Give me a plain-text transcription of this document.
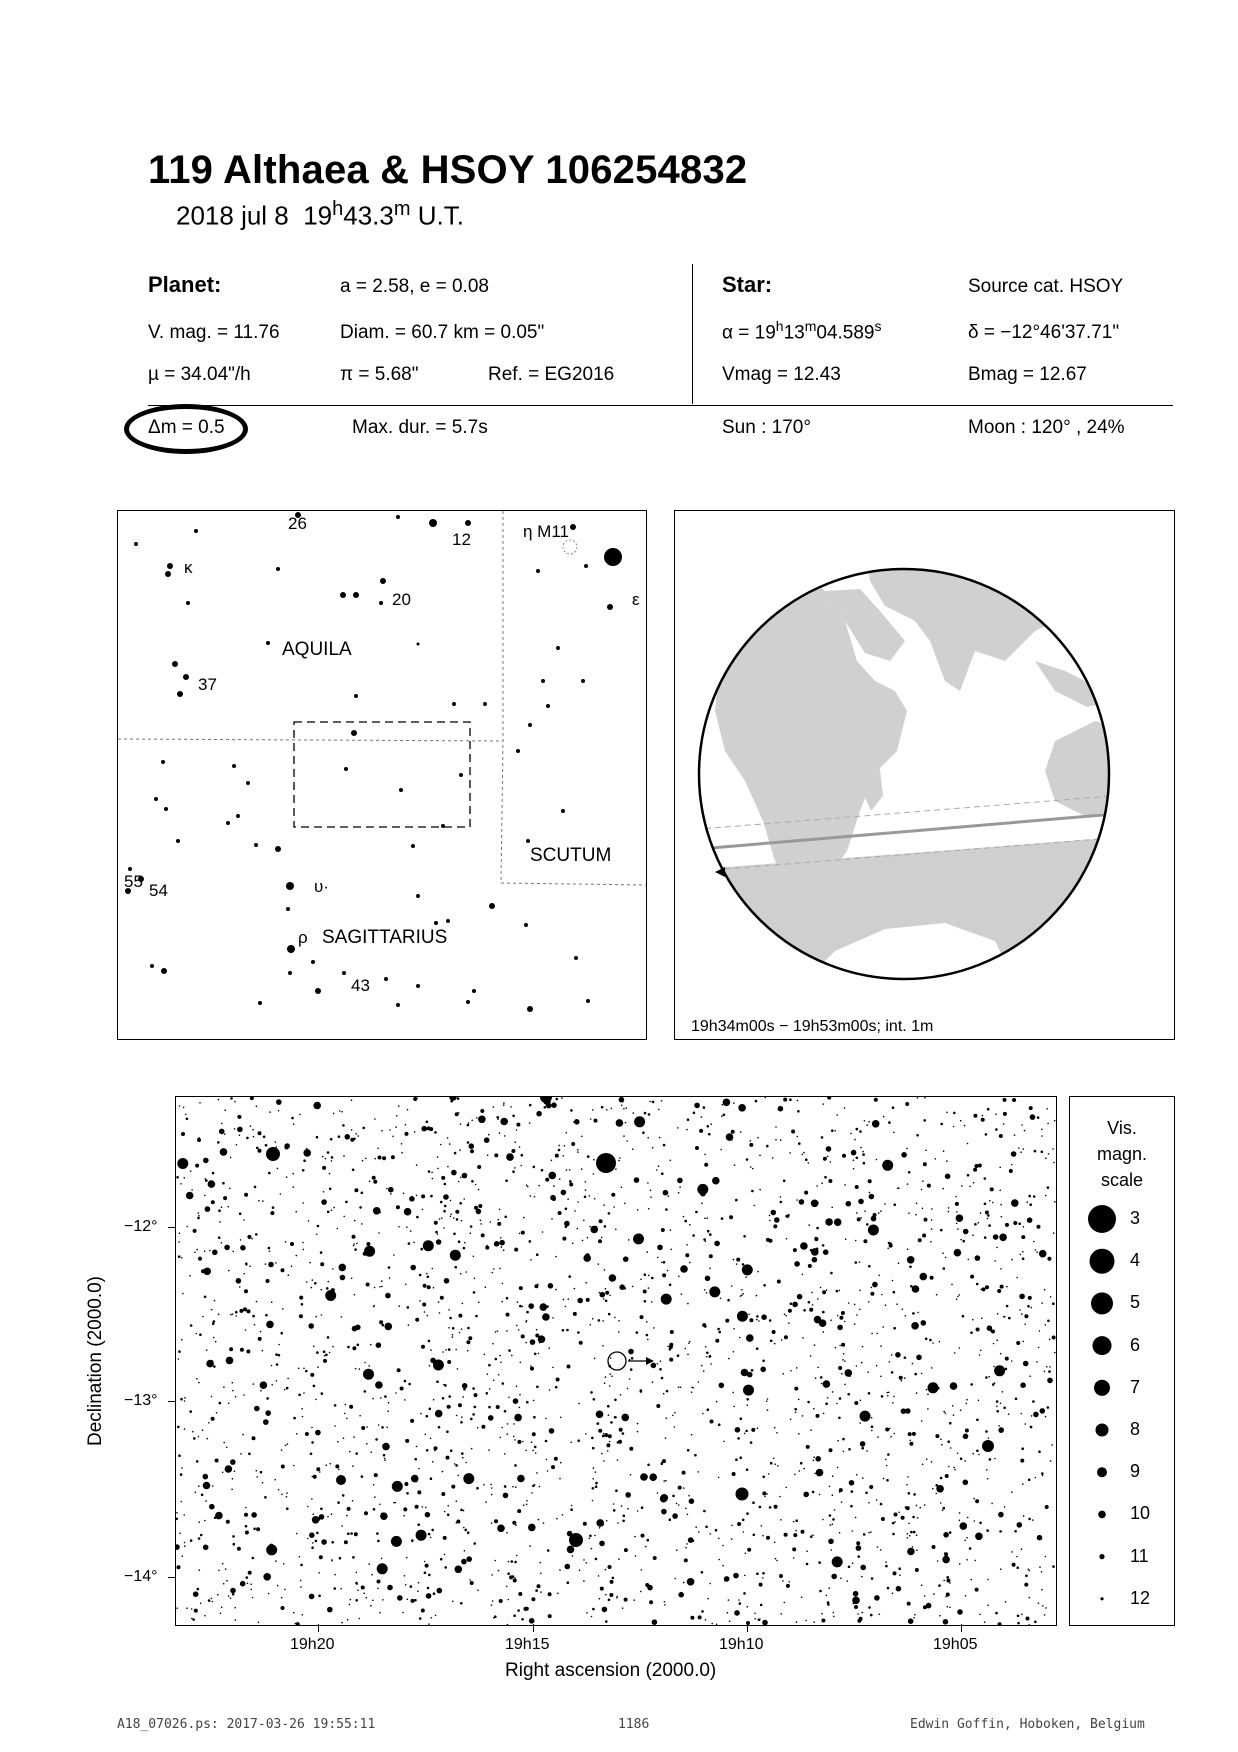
119 Althaea & HSOY 106254832
2018 jul 8 19$^h$43.3$^m$ U.T.
Planet:	a = 2.58, e = 0.08
V. mag. = 11.76	Diam. = 60.7 km = 0.05"
µ = 34.04"/h	π = 5.68"	Ref. = EG2016
Star:	Source cat. HSOY
$\alpha = 19^h13^m04.589^s$	δ = −12°46'37.71"
Vmag = 12.43	Bmag = 12.67
Δm = 0.5	Max. dur. = 5.7s	Sun : 170°	Moon : 120° , 24%
26
12	η M11
κ
20	ε
AQUILA
37
SCUTUM
55 54	υ·
ρ SAGITTARIUS
43
19h34m00s − 19h53m00s; int. 1m
−12°
−13°
−14°
Declination (2000.0)
19h20	19h15	19h10	19h05
Right ascension (2000.0)
Vis.
magn.
scale
3
4
5
6
7
8
9
10
11
12
A18_07026.ps: 2017-03-26 19:55:11	1186	Edwin Goffin, Hoboken, Belgium
